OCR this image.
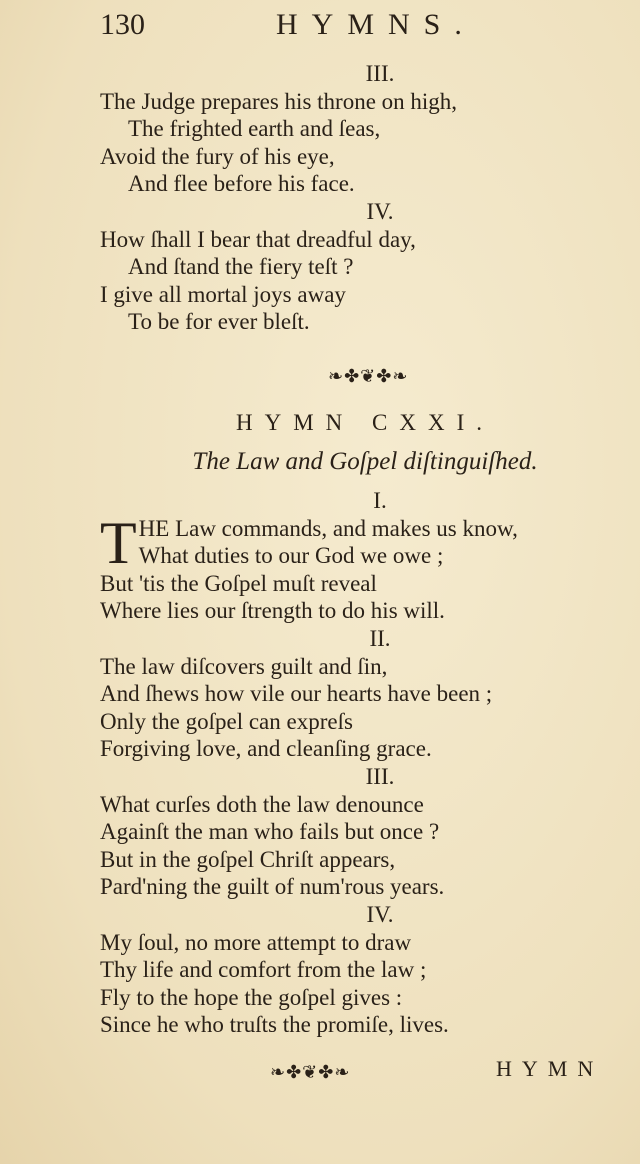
130	HYMNS.
III.
The Judge prepares his throne on high,
The frighted earth and ſeas,
Avoid the fury of his eye,
And flee before his face.
IV.
How ſhall I bear that dreadful day,
And ſtand the fiery teſt ?
I give all mortal joys away
To be for ever bleſt.
❧✤❦✤❧
HYMN CXXI.
The Law and Goſpel diſtinguiſhed.
I.
T HE Law commands, and makes us know,
What duties to our God we owe ;
But 'tis the Goſpel muſt reveal
Where lies our ſtrength to do his will.
II.
The law diſcovers guilt and ſin,
And ſhews how vile our hearts have been ;
Only the goſpel can expreſs
Forgiving love, and cleanſing grace.
III.
What curſes doth the law denounce
Againſt the man who fails but once ?
But in the goſpel Chriſt appears,
Pard'ning the guilt of num'rous years.
IV.
My ſoul, no more attempt to draw
Thy life and comfort from the law ;
Fly to the hope the goſpel gives :
Since he who truſts the promiſe, lives.
❧✤❦✤❧	HYMN
